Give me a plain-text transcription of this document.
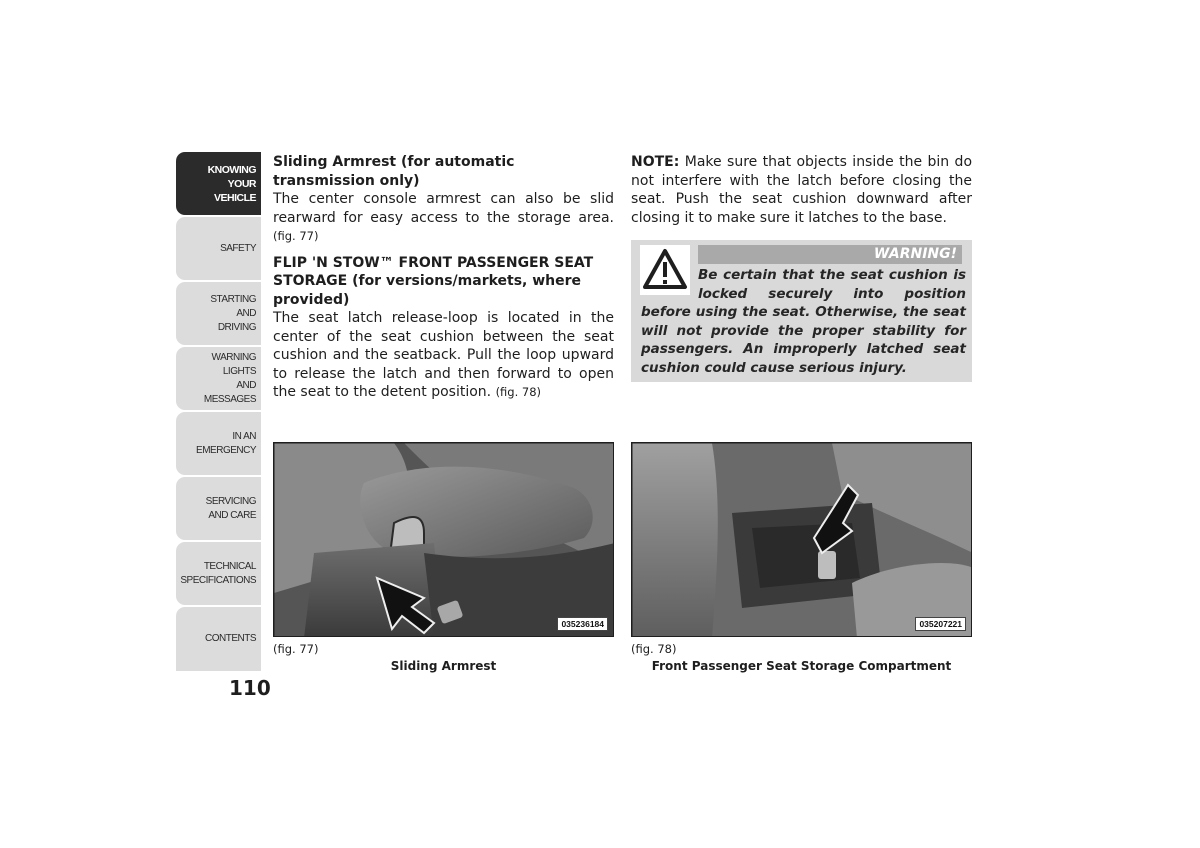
KNOWING
YOUR
VEHICLE
SAFETY
STARTING
AND
DRIVING
WARNING
LIGHTS
AND
MESSAGES
IN AN
EMERGENCY
SERVICING
AND CARE
TECHNICAL
SPECIFICATIONS
CONTENTS
110

Sliding Armrest (for automatic transmission only)

The center console armrest can also be slid rearward for easy access to the storage area. (fig. 77)

FLIP 'N STOW™ FRONT PASSENGER SEAT STORAGE (for versions/markets, where provided)

The seat latch release-loop is located in the center of the seat cushion between the seat cushion and the seatback. Pull the loop upward to release the latch and then forward to open the seat to the detent position. (fig. 78)

NOTE: Make sure that objects inside the bin do not interfere with the latch before closing the seat. Push the seat cushion downward after closing it to make sure it latches to the base.
WARNING!
Be certain that the seat cushion is locked securely into position before using the seat. Otherwise, the seat will not provide the proper stability for passengers. An improperly latched seat cushion could cause serious injury.
035236184
(fig. 77)
Sliding Armrest
035207221
(fig. 78)
Front Passenger Seat Storage Compartment
